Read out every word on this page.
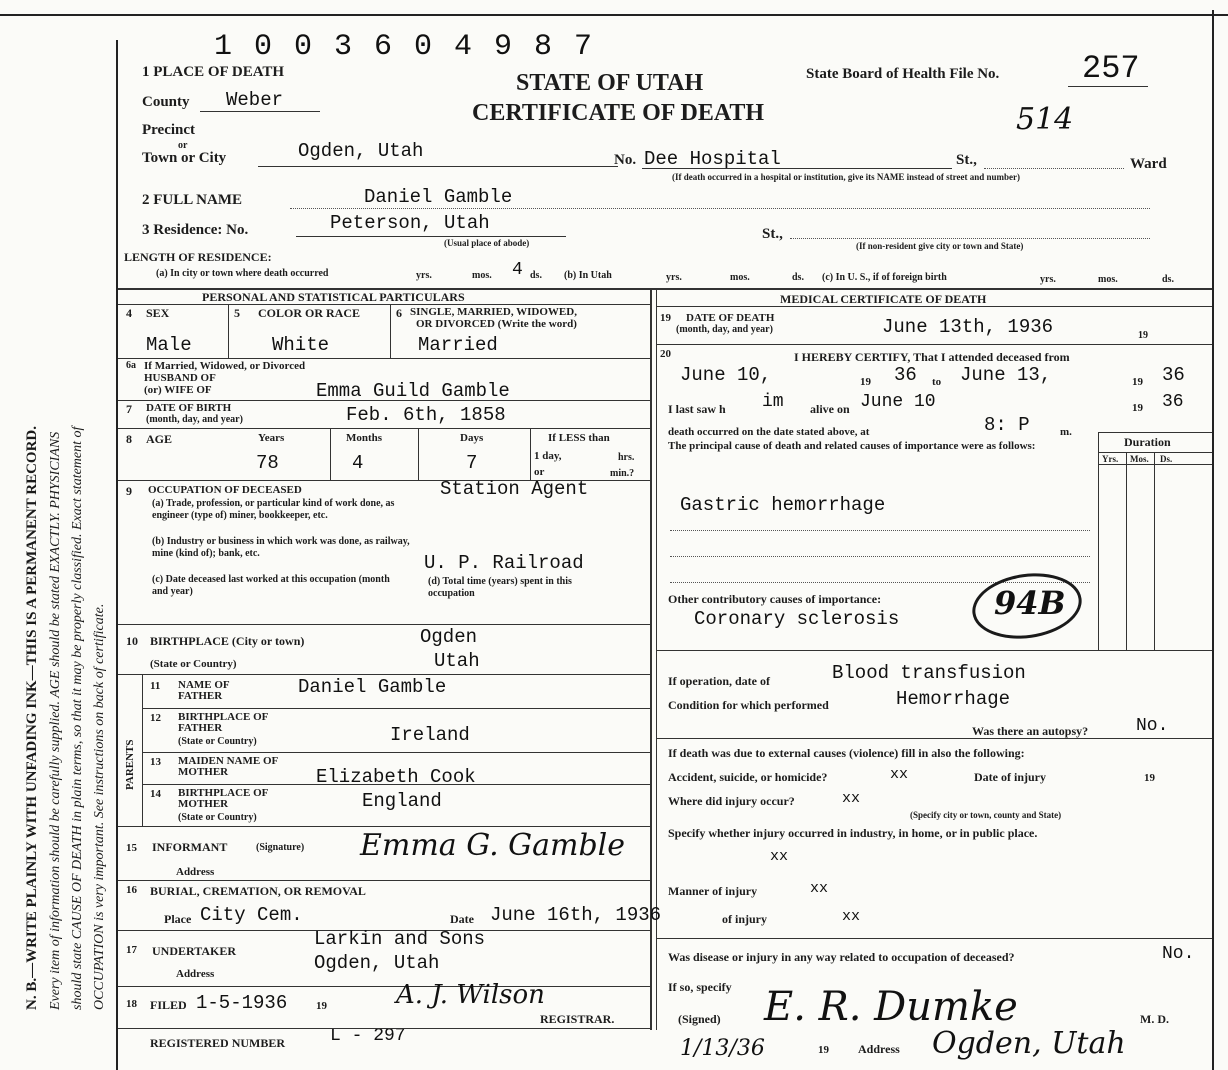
N. B.—WRITE PLAINLY WITH UNFADING INK—THIS IS A PERMANENT RECORD. Every item of information should be carefully supplied. AGE should be stated EXACTLY. PHYSICIANS should state CAUSE OF DEATH in plain terms, so that it may be properly classified. Exact statement of OCCUPATION is very important. See instructions on back of certificate.
1 0 0 3 6 0 4 9 8 7
1 PLACE OF DEATH	STATE OF UTAH
CERTIFICATE OF DEATH
State Board of Health File No.	257
514
County Weber
Precinct
or
Town or City	Ogden, Utah	No. Dee Hospital	St.,	Ward
(If death occurred in a hospital or institution, give its NAME instead of street and number)
2 FULL NAME	Daniel Gamble
3 Residence: No.	Peterson, Utah
(Usual place of abode)
St.,
(If non-resident give city or town and State)
LENGTH OF RESIDENCE:
(a) In city or town where death occurred	yrs.	mos. 4 ds. (b) In Utah	yrs.	mos.	ds. (c) In U. S., if of foreign birth	yrs.	mos.	ds.
PERSONAL AND STATISTICAL PARTICULARS
4 SEX	5 COLOR OR RACE	6 SINGLE, MARRIED, WIDOWED,
OR DIVORCED (Write the word)
Male	White	Married
6a If Married, Widowed, or Divorced
HUSBAND OF
(or) WIFE OF	Emma Guild Gamble
7 DATE OF BIRTH
(month, day, and year)	Feb. 6th, 1858
8 AGE	Years	Months	Days	If LESS than
1 day,	hrs.
or	min.?
78	4	7
9 OCCUPATION OF DECEASED	Station Agent
(a) Trade, profession, or particular kind of work done, as engineer (type of) miner, bookkeeper, etc.
(b) Industry or business in which work was done, as railway, mine (kind of); bank, etc.	U. P. Railroad
(c) Date deceased last worked at this occupation (month and year)
(d) Total time (years) spent in this occupation
10 BIRTHPLACE (City or town)	Ogden
(State or Country)	Utah
PARENTS
11 NAME OF FATHER	Daniel Gamble
12 BIRTHPLACE OF FATHER
(State or Country)	Ireland
13 MAIDEN NAME OF MOTHER	Elizabeth Cook
14 BIRTHPLACE OF MOTHER
(State or Country)
England
15 INFORMANT	(Signature) Emma G. Gamble
Address
16 BURIAL, CREMATION, OR REMOVAL
Place City Cem.	Date June 16th, 1936
17 UNDERTAKER
Larkin and Sons
Address	Ogden, Utah
18 FILED 1-5-1936	19	A. J. Wilson
REGISTRAR.
REGISTERED NUMBER L - 297
MEDICAL CERTIFICATE OF DEATH
19 DATE OF DEATH
(month, day, and year)	June 13th, 1936	19
20	I HEREBY CERTIFY, That I attended deceased from
June 10,	19 36 to June 13,	19 36
I last saw h im alive on June 10	19 36
death occurred on the date stated above, at	8: P	m.
The principal cause of death and related causes of importance were as follows:	Duration
Yrs. Mos. Ds.
Gastric hemorrhage
Other contributory causes of importance:
Coronary sclerosis	94B
If operation, date of	Blood transfusion
Condition for which performed	Hemorrhage
Was there an autopsy?	No.
If death was due to external causes (violence) fill in also the following:
Accident, suicide, or homicide?	xx	Date of injury	19
Where did injury occur?	xx
(Specify city or town, county and State)
Specify whether injury occurred in industry, in home, or in public place.
xx
Manner of injury	xx
of injury	xx
Was disease or injury in any way related to occupation of deceased?	No.
If so, specify
(Signed) E. R. Dumke	M. D.
1/13/36	19 Address Ogden, Utah
